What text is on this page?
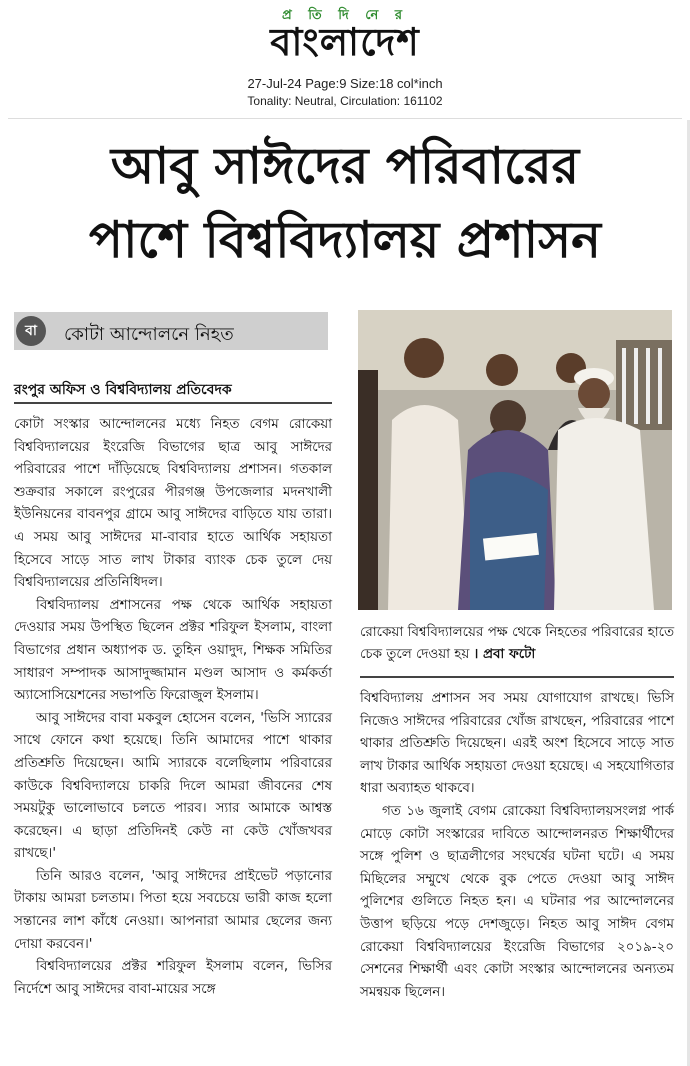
প্র তি দি নে র
বাংলাদেশ
27-Jul-24 Page:9 Size:18 col*inch
Tonality: Neutral, Circulation: 161102
আবু সাঈদের পরিবারের
পাশে বিশ্ববিদ্যালয় প্রশাসন
বা	কোটা আন্দোলনে নিহত
রংপুর অফিস ও বিশ্ববিদ্যালয় প্রতিবেদক

কোটা সংস্কার আন্দোলনের মধ্যে নিহত বেগম রোকেয়া বিশ্ববিদ্যালয়ের ইংরেজি বিভাগের ছাত্র আবু সাঈদের পরিবারের পাশে দাঁড়িয়েছে বিশ্ববিদ্যালয় প্রশাসন। গতকাল শুক্রবার সকালে রংপুরের পীরগঞ্জ উপজেলার মদনখালী ইউনিয়নের বাবনপুর গ্রামে আবু সাঈদের বাড়িতে যায় তারা। এ সময় আবু সাঈদের মা-বাবার হাতে আর্থিক সহায়তা হিসেবে সাড়ে সাত লাখ টাকার ব্যাংক চেক তুলে দেয় বিশ্ববিদ্যালয়ের প্রতিনিধিদল।

বিশ্ববিদ্যালয় প্রশাসনের পক্ষ থেকে আর্থিক সহায়তা দেওয়ার সময় উপস্থিত ছিলেন প্রক্টর শরিফুল ইসলাম, বাংলা বিভাগের প্রধান অধ্যাপক ড. তুহিন ওয়াদুদ, শিক্ষক সমিতির সাধারণ সম্পাদক আসাদুজ্জামান মণ্ডল আসাদ ও কর্মকর্তা অ্যাসোসিয়েশনের সভাপতি ফিরোজুল ইসলাম।

আবু সাঈদের বাবা মকবুল হোসেন বলেন, 'ভিসি স্যারের সাথে ফোনে কথা হয়েছে। তিনি আমাদের পাশে থাকার প্রতিশ্রুতি দিয়েছেন। আমি স্যারকে বলেছিলাম পরিবারের কাউকে বিশ্ববিদ্যালয়ে চাকরি দিলে আমরা জীবনের শেষ সময়টুকু ভালোভাবে চলতে পারব। স্যার আমাকে আশ্বস্ত করেছেন। এ ছাড়া প্রতিদিনই কেউ না কেউ খোঁজখবর রাখছে।'

তিনি আরও বলেন, 'আবু সাঈদের প্রাইভেট পড়ানোর টাকায় আমরা চলতাম। পিতা হয়ে সবচেয়ে ভারী কাজ হলো সন্তানের লাশ কাঁধে নেওয়া। আপনারা আমার ছেলের জন্য দোয়া করবেন।'

বিশ্ববিদ্যালয়ের প্রক্টর শরিফুল ইসলাম বলেন, ভিসির নির্দেশে আবু সাঈদের বাবা-মায়ের সঙ্গে

রোকেয়া বিশ্ববিদ্যালয়ের পক্ষ থেকে নিহতের পরিবারের হাতে চেক তুলে দেওয়া হয় । প্রবা ফটো

বিশ্ববিদ্যালয় প্রশাসন সব সময় যোগাযোগ রাখছে। ভিসি নিজেও সাঈদের পরিবারের খোঁজ রাখছেন, পরিবারের পাশে থাকার প্রতিশ্রুতি দিয়েছেন। এরই অংশ হিসেবে সাড়ে সাত লাখ টাকার আর্থিক সহায়তা দেওয়া হয়েছে। এ সহযোগিতার ধারা অব্যাহত থাকবে।

গত ১৬ জুলাই বেগম রোকেয়া বিশ্ববিদ্যালয়সংলগ্ন পার্ক মোড়ে কোটা সংস্কারের দাবিতে আন্দোলনরত শিক্ষার্থীদের সঙ্গে পুলিশ ও ছাত্রলীগের সংঘর্ষের ঘটনা ঘটে। এ সময় মিছিলের সম্মুখে থেকে বুক পেতে দেওয়া আবু সাঈদ পুলিশের গুলিতে নিহত হন। এ ঘটনার পর আন্দোলনের উত্তাপ ছড়িয়ে পড়ে দেশজুড়ে। নিহত আবু সাঈদ বেগম রোকেয়া বিশ্ববিদ্যালয়ের ইংরেজি বিভাগের ২০১৯-২০ সেশনের শিক্ষার্থী এবং কোটা সংস্কার আন্দোলনের অন্যতম সমন্বয়ক ছিলেন।
